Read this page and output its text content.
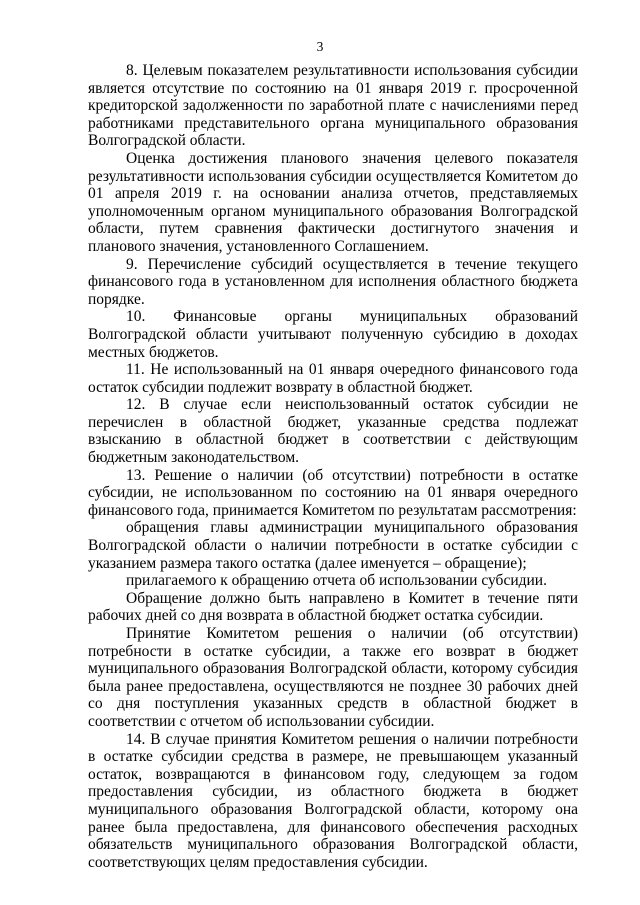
3

8. Целевым показателем результативности использования субсидии является отсутствие по состоянию на 01 января 2019 г. просроченной кредиторской задолженности по заработной плате с начислениями перед работниками представительного органа муниципального образования Волгоградской области.

Оценка достижения планового значения целевого показателя результативности использования субсидии осуществляется Комитетом до 01 апреля 2019 г. на основании анализа отчетов, представляемых уполномоченным органом муниципального образования Волгоградской области, путем сравнения фактически достигнутого значения и планового значения, установленного Соглашением.

9. Перечисление субсидий осуществляется в течение текущего финансового года в установленном для исполнения областного бюджета порядке.

10. Финансовые органы муниципальных образований Волгоградской области учитывают полученную субсидию в доходах местных бюджетов.

11. Не использованный на 01 января очередного финансового года остаток субсидии подлежит возврату в областной бюджет.

12. В случае если неиспользованный остаток субсидии не перечислен в областной бюджет, указанные средства подлежат взысканию в областной бюджет в соответствии с действующим бюджетным законодательством.

13. Решение о наличии (об отсутствии) потребности в остатке субсидии, не использованном по состоянию на 01 января очередного финансового года, принимается Комитетом по результатам рассмотрения:

обращения главы администрации муниципального образования Волгоградской области о наличии потребности в остатке субсидии с указанием размера такого остатка (далее именуется – обращение);

прилагаемого к обращению отчета об использовании субсидии.

Обращение должно быть направлено в Комитет в течение пяти рабочих дней со дня возврата в областной бюджет остатка субсидии.

Принятие Комитетом решения о наличии (об отсутствии) потребности в остатке субсидии, а также его возврат в бюджет муниципального образования Волгоградской области, которому субсидия была ранее предоставлена, осуществляются не позднее 30 рабочих дней со дня поступления указанных средств в областной бюджет в соответствии с отчетом об использовании субсидии.

14. В случае принятия Комитетом решения о наличии потребности в остатке субсидии средства в размере, не превышающем указанный остаток, возвращаются в финансовом году, следующем за годом предоставления субсидии, из областного бюджета в бюджет муниципального образования Волгоградской области, которому она ранее была предоставлена, для финансового обеспечения расходных обязательств муниципального образования Волгоградской области, соответствующих целям предоставления субсидии.
